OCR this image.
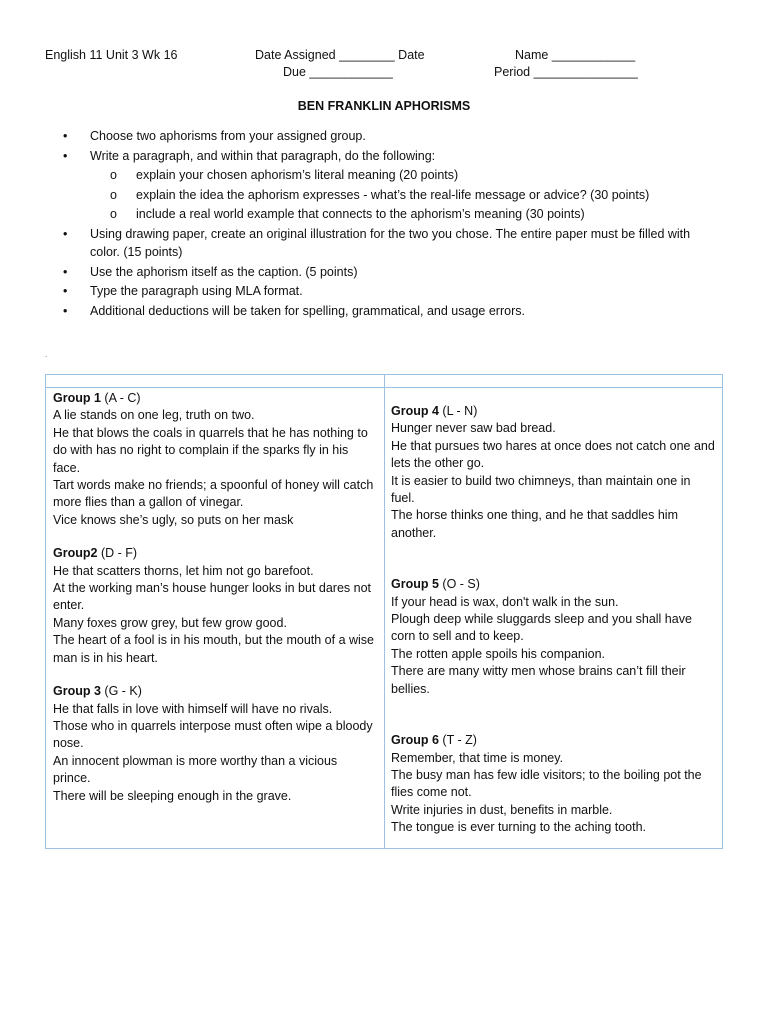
English 11 Unit 3 Wk 16	Date Assigned ________ Date
Due ____________
Name ____________
Period _______________
BEN FRANKLIN APHORISMS
• Choose two aphorisms from your assigned group.
• Write a paragraph, and within that paragraph, do the following:
o explain your chosen aphorism’s literal meaning (20 points)
o explain the idea the aphorism expresses - what’s the real-life message or advice? (30 points)
o include a real world example that connects to the aphorism’s meaning (30 points)
• Using drawing paper, create an original illustration for the two you chose. The entire paper must be filled with color. (15 points)
• Use the aphorism itself as the caption. (5 points)
• Type the paragraph using MLA format.
• Additional deductions will be taken for spelling, grammatical, and usage errors.
.
Group 1 (A - C)
A lie stands on one leg, truth on two.
He that blows the coals in quarrels that he has nothing to do with has no right to complain if the sparks fly in his face.
Tart words make no friends; a spoonful of honey will catch more flies than a gallon of vinegar.
Vice knows she’s ugly, so puts on her mask
Group2 (D - F)
He that scatters thorns, let him not go barefoot.
At the working man’s house hunger looks in but dares not enter.
Many foxes grow grey, but few grow good.
The heart of a fool is in his mouth, but the mouth of a wise man is in his heart.
Group 3 (G - K)
He that falls in love with himself will have no rivals.
Those who in quarrels interpose must often wipe a bloody nose.
An innocent plowman is more worthy than a vicious prince.
There will be sleeping enough in the grave.
Group 4 (L - N)
Hunger never saw bad bread.
He that pursues two hares at once does not catch one and lets the other go.
It is easier to build two chimneys, than maintain one in fuel.
The horse thinks one thing, and he that saddles him another.
Group 5 (O - S)
If your head is wax, don't walk in the sun.
Plough deep while sluggards sleep and you shall have corn to sell and to keep.
The rotten apple spoils his companion.
There are many witty men whose brains can’t fill their bellies.
Group 6 (T - Z)
Remember, that time is money.
The busy man has few idle visitors; to the boiling pot the flies come not.
Write injuries in dust, benefits in marble.
The tongue is ever turning to the aching tooth.
